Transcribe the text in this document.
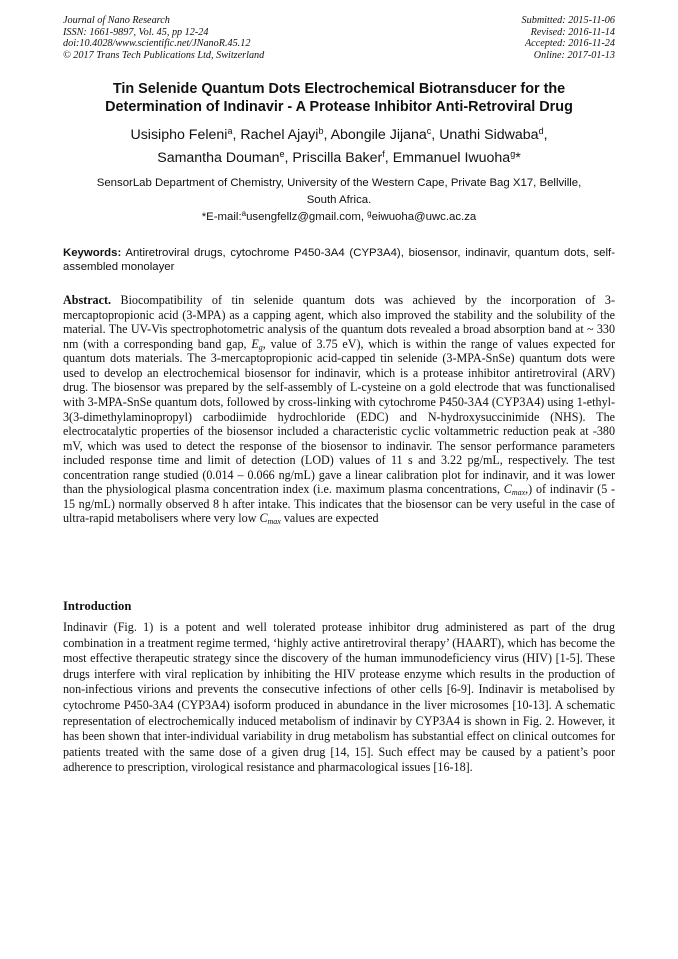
Journal of Nano Research
ISSN: 1661-9897, Vol. 45, pp 12-24
doi:10.4028/www.scientific.net/JNanoR.45.12
© 2017 Trans Tech Publications Ltd, Switzerland
Submitted: 2015-11-06
Revised: 2016-11-14
Accepted: 2016-11-24
Online: 2017-01-13
Tin Selenide Quantum Dots Electrochemical Biotransducer for the
Determination of Indinavir - A Protease Inhibitor Anti-Retroviral Drug
Usisipho Feleni$^a$, Rachel Ajayi$^b$, Abongile Jijana$^c$, Unathi Sidwaba$^d$,
Samantha Douman$^e$, Priscilla Baker$^f$, Emmanuel Iwuoha$^g$*
SensorLab Department of Chemistry, University of the Western Cape, Private Bag X17, Bellville,
South Africa.
*E-mail:$^a$usengfellz@gmail.com, $^g$eiwuoha@uwc.ac.za
Keywords: Antiretroviral drugs, cytochrome P450-3A4 (CYP3A4), biosensor, indinavir, quantum dots, self-assembled monolayer
Abstract. Biocompatibility of tin selenide quantum dots was achieved by the incorporation of 3-mercaptopropionic acid (3-MPA) as a capping agent, which also improved the stability and the solubility of the material. The UV-Vis spectrophotometric analysis of the quantum dots revealed a broad absorption band at ~ 330 nm (with a corresponding band gap, $E_g$, value of 3.75 eV), which is within the range of values expected for quantum dots materials. The 3-mercaptopropionic acid-capped tin selenide (3-MPA-SnSe) quantum dots were used to develop an electrochemical biosensor for indinavir, which is a protease inhibitor antiretroviral (ARV) drug. The biosensor was prepared by the self-assembly of L-cysteine on a gold electrode that was functionalised with 3-MPA-SnSe quantum dots, followed by cross-linking with cytochrome P450-3A4 (CYP3A4) using 1-ethyl-3(3-dimethylaminopropyl) carbodiimide hydrochloride (EDC) and N-hydroxysuccinimide (NHS). The electrocatalytic properties of the biosensor included a characteristic cyclic voltammetric reduction peak at -380 mV, which was used to detect the response of the biosensor to indinavir. The sensor performance parameters included response time and limit of detection (LOD) values of 11 s and 3.22 pg/mL, respectively. The test concentration range studied (0.014 – 0.066 ng/mL) gave a linear calibration plot for indinavir, and it was lower than the physiological plasma concentration index (i.e. maximum plasma concentrations, $C_{max}$,) of indinavir (5 - 15 ng/mL) normally observed 8 h after intake. This indicates that the biosensor can be very useful in the case of ultra-rapid metabolisers where very low $C_{max}$ values are expected
Introduction
Indinavir (Fig. 1) is a potent and well tolerated protease inhibitor drug administered as part of the drug combination in a treatment regime termed, ‘highly active antiretroviral therapy’ (HAART), which has become the most effective therapeutic strategy since the discovery of the human immunodeficiency virus (HIV) [1-5]. These drugs interfere with viral replication by inhibiting the HIV protease enzyme which results in the production of non-infectious virions and prevents the consecutive infections of other cells [6-9]. Indinavir is metabolised by cytochrome P450-3A4 (CYP3A4) isoform produced in abundance in the liver microsomes [10-13]. A schematic representation of electrochemically induced metabolism of indinavir by CYP3A4 is shown in Fig. 2. However, it has been shown that inter-individual variability in drug metabolism has substantial effect on clinical outcomes for patients treated with the same dose of a given drug [14, 15]. Such effect may be caused by a patient’s poor adherence to prescription, virological resistance and pharmacological issues [16-18].
